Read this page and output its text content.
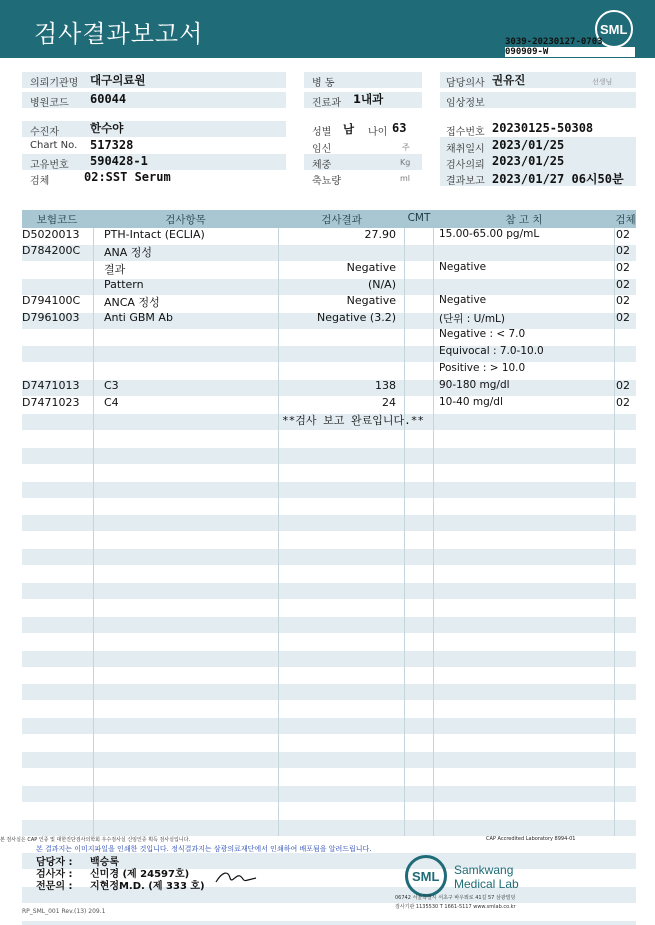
검사결과보고서	SML
3039-20230127-0703
090909-W
의뢰기관명 대구의료원
병원코드 60044
병 동
진료과 1내과
담당의사 권유진	선생님
임상정보
수진자	한수야	성별 남 나이 63	접수번호 20230125-50308
Chart No. 517328	임신	주	채취일시 2023/01/25
고유번호 590428-1	체중	Kg	검사의뢰 2023/01/25
검체	02:SST Serum	축뇨량	ml	결과보고 2023/01/27 06시50분
보험코드	검사항목	검사결과	CMT	참 고 치	검체
D5020013 PTH-Intact (ECLIA)	27.90	15.00-65.00 pg/mL	02
D784200C ANA 정성	02
결과	Negative	Negative	02
Pattern	(N/A)	02
D794100C ANCA 정성	Negative	Negative	02
D7961003 Anti GBM Ab	Negative (3.2)	(단위 : U/mL)	02
Negative : < 7.0
Equivocal : 7.0-10.0
Positive : > 10.0
D7471013 C3	138	90-180 mg/dl	02
D7471023 C4	24	10-40 mg/dl	02
**검사 보고 완료입니다.**
본 검사실은 CAP 인증 및 대한진단검사의학회 우수검사실 신임인증 획득 검사실입니다.	CAP Accredited Laboratory 8994-01
본 결과지는 이미지파일을 인쇄한 것입니다. 정식결과지는 삼광의료재단에서 인쇄하여 배포됨을 알려드립니다.
담당자 : 백승록
검사자 : 신미경 (제 24597호)
전문의 : 지현정M.D. (제 333 호)
SML Samkwang
Medical Lab
06742 서울특별시 서초구 바우뫼로 41길 57 삼광빌딩
검사기관 1135530 T 1661-5117 www.smlab.co.kr
RP_SML_001 Rev.(13) 209.1
